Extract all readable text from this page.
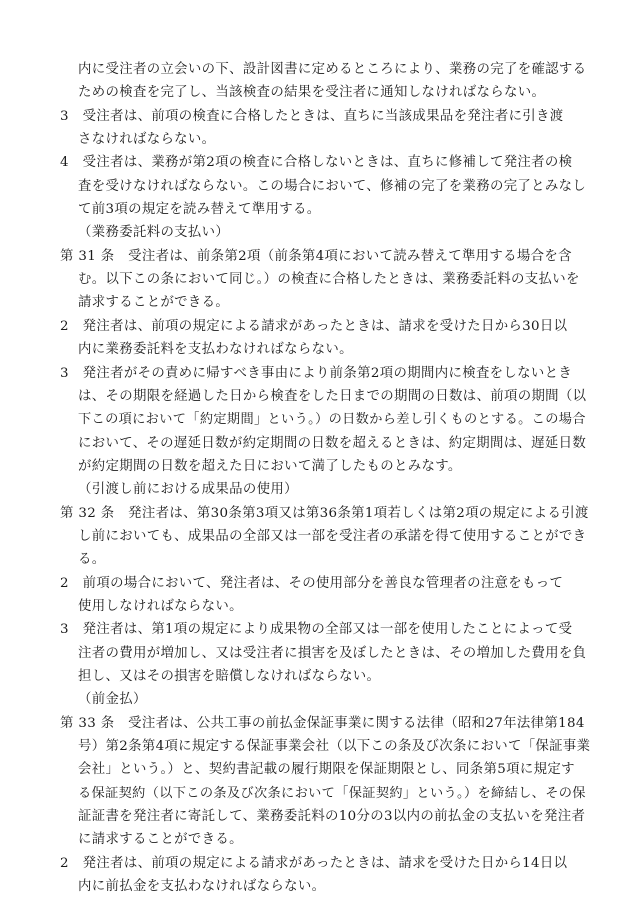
内に受注者の立会いの下、設計図書に定めるところにより、業務の完了を確認する
ための検査を完了し、当該検査の結果を受注者に通知しなければならない。
3　受注者は、前項の検査に合格したときは、直ちに当該成果品を発注者に引き渡
さなければならない。
4　受注者は、業務が第2項の検査に合格しないときは、直ちに修補して発注者の検
査を受けなければならない。この場合において、修補の完了を業務の完了とみなし
て前3項の規定を読み替えて準用する。
（業務委託料の支払い）
第 31 条　受注者は、前条第2項（前条第4項において読み替えて準用する場合を含
む。以下この条において同じ。）の検査に合格したときは、業務委託料の支払いを
請求することができる。
2　発注者は、前項の規定による請求があったときは、請求を受けた日から30日以
内に業務委託料を支払わなければならない。
3　発注者がその責めに帰すべき事由により前条第2項の期間内に検査をしないとき
は、その期限を経過した日から検査をした日までの期間の日数は、前項の期間（以
下この項において「約定期間」という。）の日数から差し引くものとする。この場合
において、その遅延日数が約定期間の日数を超えるときは、約定期間は、遅延日数
が約定期間の日数を超えた日において満了したものとみなす。
（引渡し前における成果品の使用）
第 32 条　発注者は、第30条第3項又は第36条第1項若しくは第2項の規定による引渡
し前においても、成果品の全部又は一部を受注者の承諾を得て使用することができ
る。
2　前項の場合において、発注者は、その使用部分を善良な管理者の注意をもって
使用しなければならない。
3　発注者は、第1項の規定により成果物の全部又は一部を使用したことによって受
注者の費用が増加し、又は受注者に損害を及ぼしたときは、その増加した費用を負
担し、又はその損害を賠償しなければならない。
（前金払）
第 33 条　受注者は、公共工事の前払金保証事業に関する法律（昭和27年法律第184
号）第2条第4項に規定する保証事業会社（以下この条及び次条において「保証事業
会社」という。）と、契約書記載の履行期限を保証期限とし、同条第5項に規定す
る保証契約（以下この条及び次条において「保証契約」という。）を締結し、その保
証証書を発注者に寄託して、業務委託料の10分の3以内の前払金の支払いを発注者
に請求することができる。
2　発注者は、前項の規定による請求があったときは、請求を受けた日から14日以
内に前払金を支払わなければならない。
